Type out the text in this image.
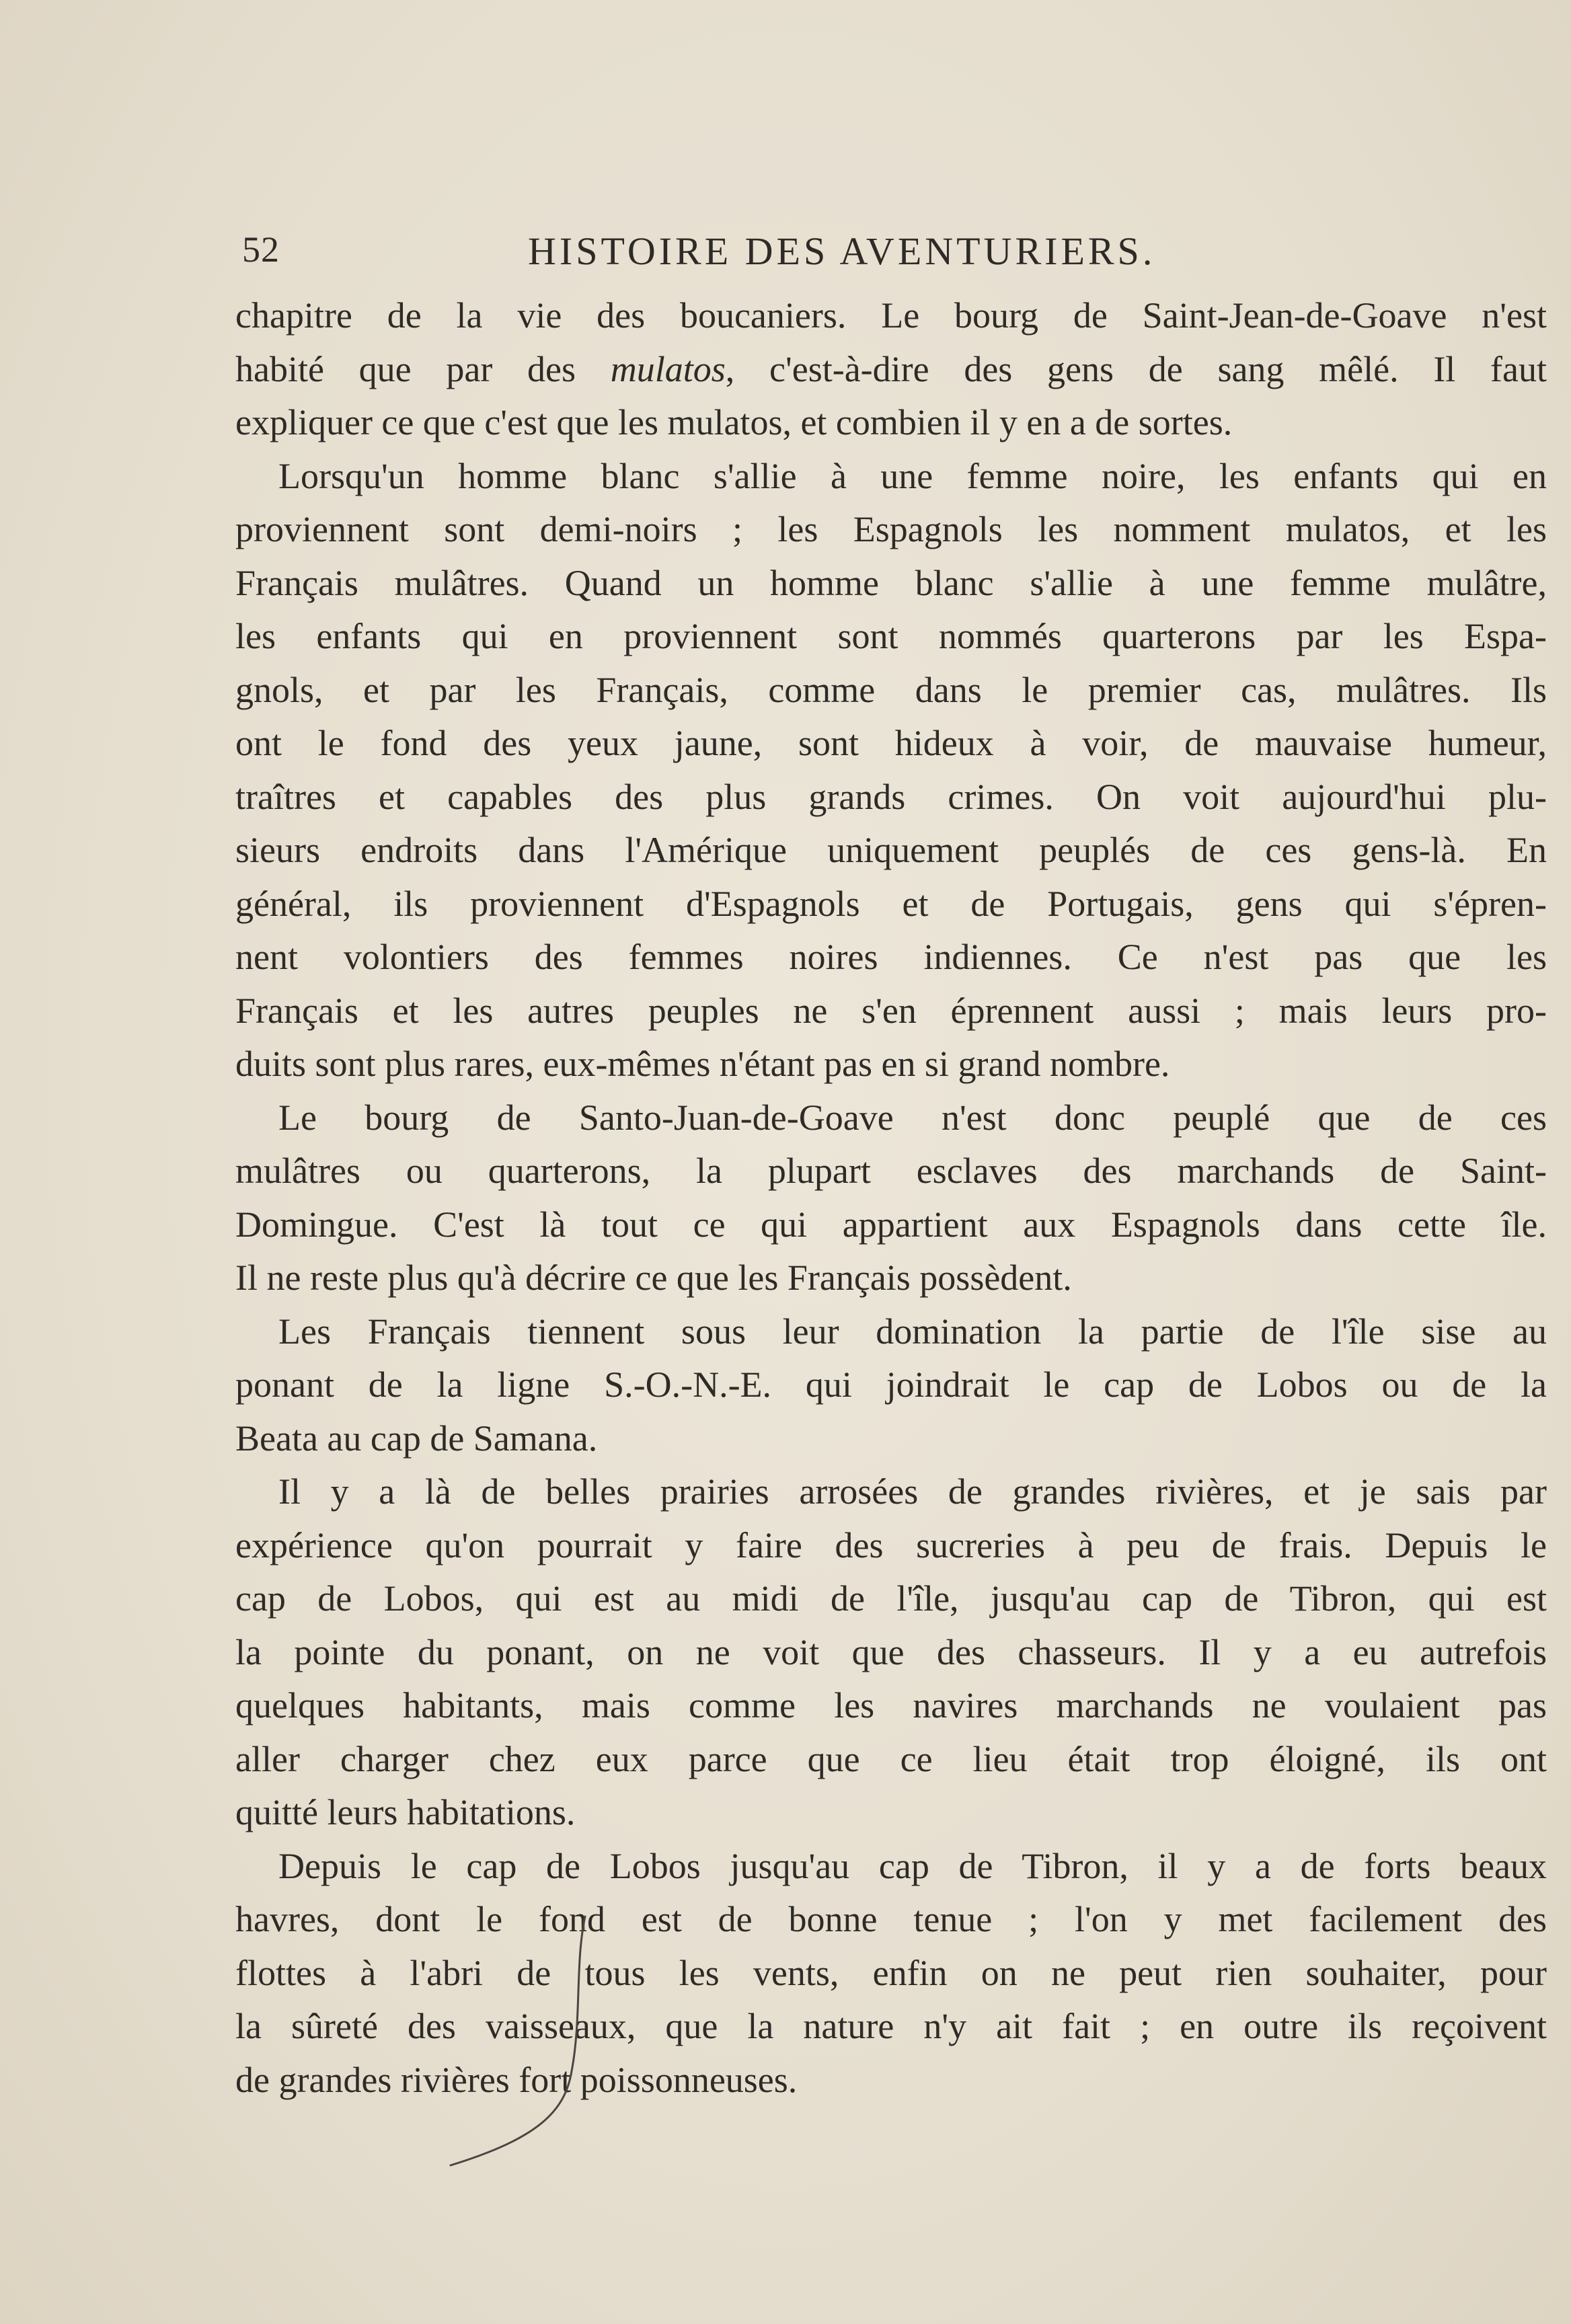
52	HISTOIRE DES AVENTURIERS.

chapitre de la vie des boucaniers. Le bourg de Saint-Jean-de-Goave n'est
habité que par des mulatos, c'est-à-dire des gens de sang mêlé. Il faut
expliquer ce que c'est que les mulatos, et combien il y en a de sortes.

Lorsqu'un homme blanc s'allie à une femme noire, les enfants qui en
proviennent sont demi-noirs ; les Espagnols les nomment mulatos, et les
Français mulâtres. Quand un homme blanc s'allie à une femme mulâtre,
les enfants qui en proviennent sont nommés quarterons par les Espa-
gnols, et par les Français, comme dans le premier cas, mulâtres. Ils
ont le fond des yeux jaune, sont hideux à voir, de mauvaise humeur,
traîtres et capables des plus grands crimes. On voit aujourd'hui plu-
sieurs endroits dans l'Amérique uniquement peuplés de ces gens-là. En
général, ils proviennent d'Espagnols et de Portugais, gens qui s'épren-
nent volontiers des femmes noires indiennes. Ce n'est pas que les
Français et les autres peuples ne s'en éprennent aussi ; mais leurs pro-
duits sont plus rares, eux-mêmes n'étant pas en si grand nombre.

Le bourg de Santo-Juan-de-Goave n'est donc peuplé que de ces
mulâtres ou quarterons, la plupart esclaves des marchands de Saint-
Domingue. C'est là tout ce qui appartient aux Espagnols dans cette île.
Il ne reste plus qu'à décrire ce que les Français possèdent.

Les Français tiennent sous leur domination la partie de l'île sise au
ponant de la ligne S.-O.-N.-E. qui joindrait le cap de Lobos ou de la
Beata au cap de Samana.

Il y a là de belles prairies arrosées de grandes rivières, et je sais par
expérience qu'on pourrait y faire des sucreries à peu de frais. Depuis le
cap de Lobos, qui est au midi de l'île, jusqu'au cap de Tibron, qui est
la pointe du ponant, on ne voit que des chasseurs. Il y a eu autrefois
quelques habitants, mais comme les navires marchands ne voulaient pas
aller charger chez eux parce que ce lieu était trop éloigné, ils ont
quitté leurs habitations.

Depuis le cap de Lobos jusqu'au cap de Tibron, il y a de forts beaux
havres, dont le fond est de bonne tenue ; l'on y met facilement des
flottes à l'abri de tous les vents, enfin on ne peut rien souhaiter, pour
la sûreté des vaisseaux, que la nature n'y ait fait ; en outre ils reçoivent
de grandes rivières fort poissonneuses.
